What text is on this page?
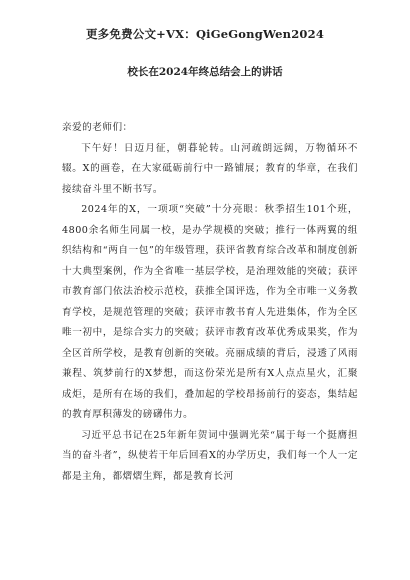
更多免费公文+VX：QiGeGongWen2024
校长在2024年终总结会上的讲话

亲爱的老师们：

下午好！日迈月征，朝暮轮转。山河疏朗远阔，万物循环不辍。X的画卷，在大家砥砺前行中一路铺展；教育的华章，在我们接续奋斗里不断书写。

2024年的X，一项项“突破”十分亮眼：秋季招生101个班，4800余名师生同属一校，是办学规模的突破；推行一体两翼的组织结构和“两自一包”的年级管理，获评省教育综合改革和制度创新十大典型案例，作为全省唯一基层学校，是治理效能的突破；获评市教育部门依法治校示范校，获推全国评选，作为全市唯一义务教育学校，是规范管理的突破；获评市教书育人先进集体，作为全区唯一初中，是综合实力的突破；获评市教育改革优秀成果奖，作为全区首所学校，是教育创新的突破。亮丽成绩的背后，浸透了风雨兼程、筑梦前行的X梦想，而这份荣光是所有X人点点星火，汇聚成炬，是所有在场的我们，叠加起的学校昂扬前行的姿态，集结起的教育厚积薄发的磅礴伟力。

习近平总书记在25年新年贺词中强调光荣“属于每一个挺膺担当的奋斗者”，纵使若干年后回看X的办学历史，我们每一个人一定都是主角，都熠熠生辉，都是教育长河
